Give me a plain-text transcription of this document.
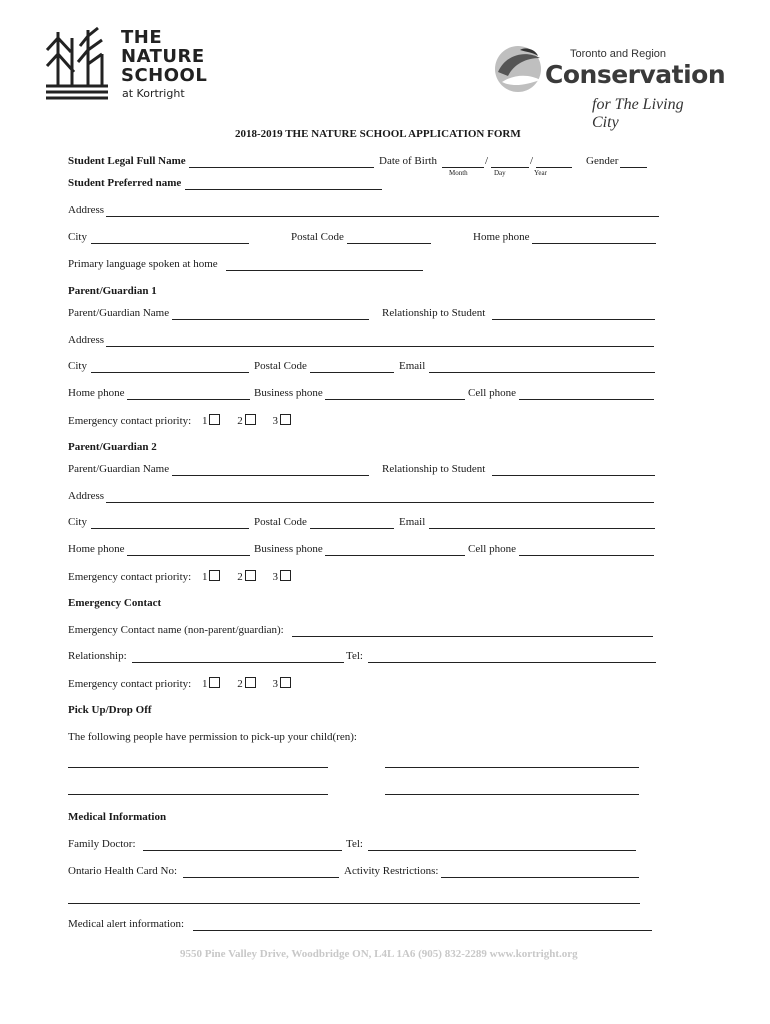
THE
NATURE
SCHOOL
at Kortright
Toronto and Region
Conservation
for The Living City
2018-2019 THE NATURE SCHOOL APPLICATION FORM
Student Legal Full Name	Date of Birth	/	/
Month	Day	Year
Gender
Student Preferred name
Address
City	Postal Code	Home phone
Primary language spoken at home
Parent/Guardian 1
Parent/Guardian Name	Relationship to Student
Address
City	Postal Code	Email
Home phone	Business phone	Cell phone
Emergency contact priority: 1	2	3
Parent/Guardian 2
Parent/Guardian Name	Relationship to Student
Address
City	Postal Code	Email
Home phone	Business phone	Cell phone
Emergency contact priority: 1	2	3
Emergency Contact
Emergency Contact name (non-parent/guardian):
Relationship:	Tel:
Emergency contact priority: 1	2	3
Pick Up/Drop Off
The following people have permission to pick-up your child(ren):
Medical Information
Family Doctor:	Tel:
Ontario Health Card No:	Activity Restrictions:
Medical alert information:
9550 Pine Valley Drive, Woodbridge ON, L4L 1A6 (905) 832-2289 www.kortright.org
